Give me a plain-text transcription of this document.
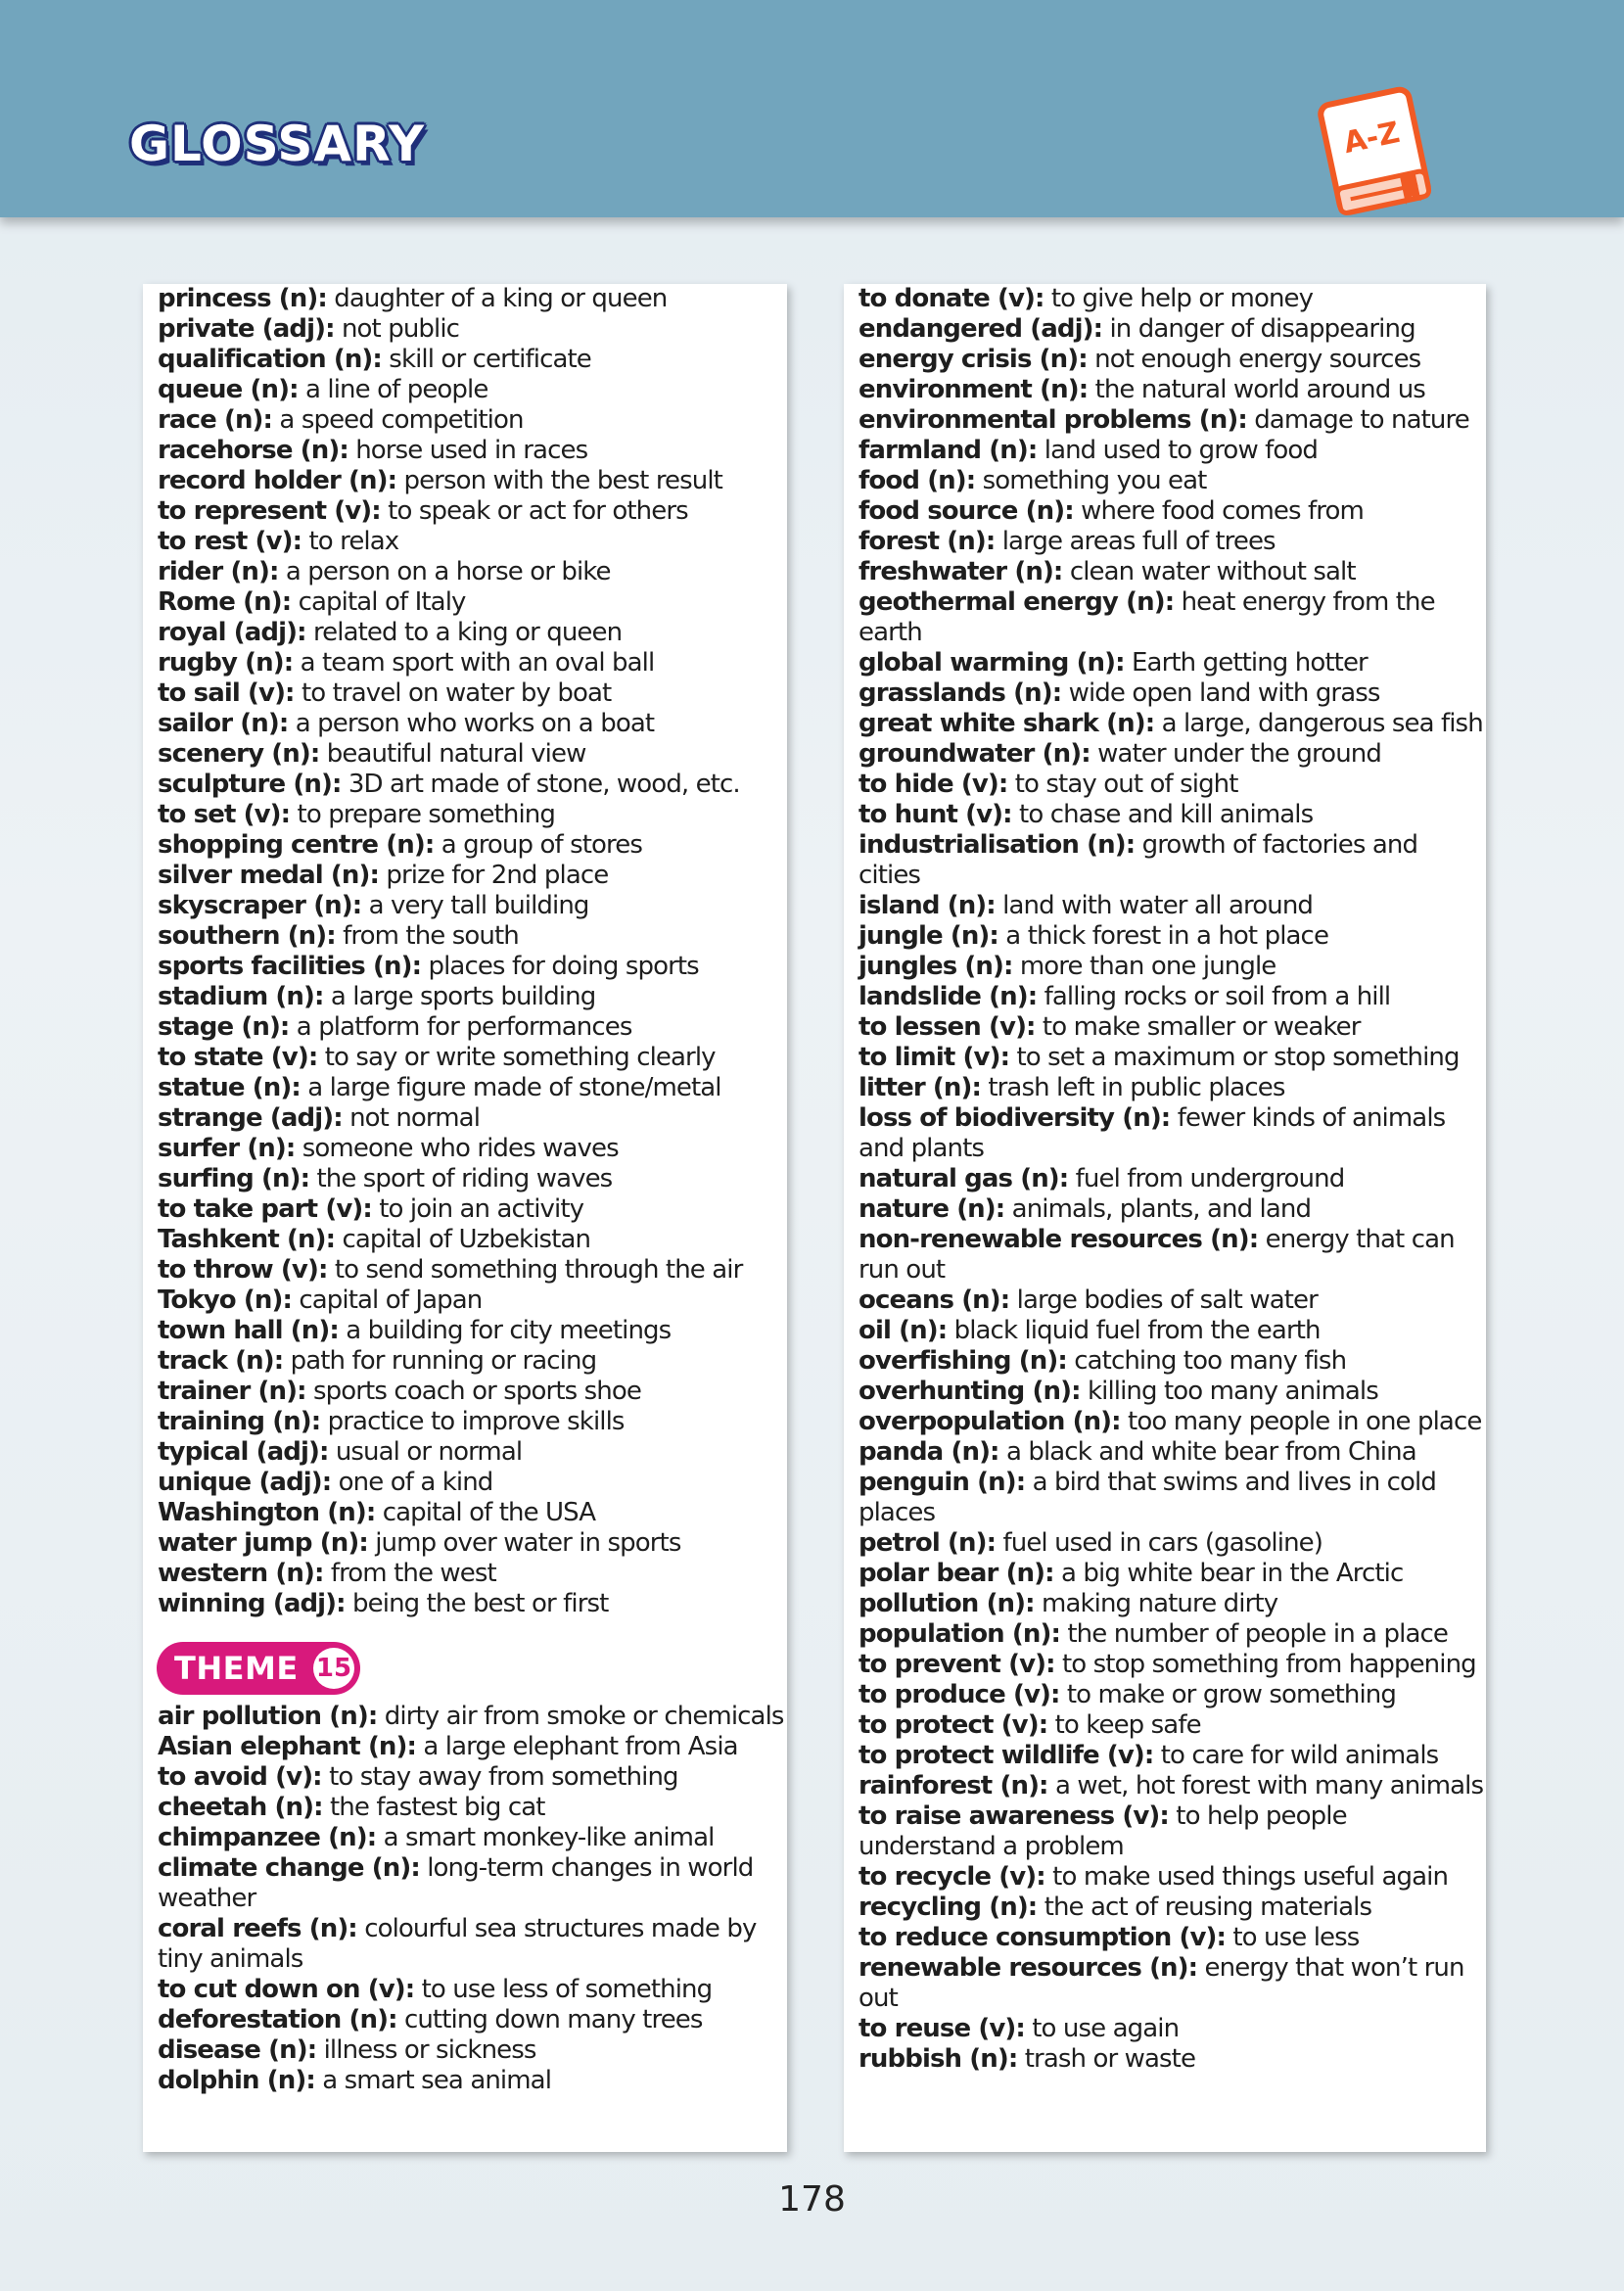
GLOSSARY	A-Z
princess (n): daughter of a king or queen
private (adj): not public
qualification (n): skill or certificate
queue (n): a line of people
race (n): a speed competition
racehorse (n): horse used in races
record holder (n): person with the best result
to represent (v): to speak or act for others
to rest (v): to relax
rider (n): a person on a horse or bike
Rome (n): capital of Italy
royal (adj): related to a king or queen
rugby (n): a team sport with an oval ball
to sail (v): to travel on water by boat
sailor (n): a person who works on a boat
scenery (n): beautiful natural view
sculpture (n): 3D art made of stone, wood, etc.
to set (v): to prepare something
shopping centre (n): a group of stores
silver medal (n): prize for 2nd place
skyscraper (n): a very tall building
southern (n): from the south
sports facilities (n): places for doing sports
stadium (n): a large sports building
stage (n): a platform for performances
to state (v): to say or write something clearly
statue (n): a large figure made of stone/metal
strange (adj): not normal
surfer (n): someone who rides waves
surfing (n): the sport of riding waves
to take part (v): to join an activity
Tashkent (n): capital of Uzbekistan
to throw (v): to send something through the air
Tokyo (n): capital of Japan
town hall (n): a building for city meetings
track (n): path for running or racing
trainer (n): sports coach or sports shoe
training (n): practice to improve skills
typical (adj): usual or normal
unique (adj): one of a kind
Washington (n): capital of the USA
water jump (n): jump over water in sports
western (n): from the west
winning (adj): being the best or first
THEME 15
air pollution (n): dirty air from smoke or chemicals
Asian elephant (n): a large elephant from Asia
to avoid (v): to stay away from something
cheetah (n): the fastest big cat
chimpanzee (n): a smart monkey-like animal
climate change (n): long-term changes in world weather
coral reefs (n): colourful sea structures made by tiny animals
to cut down on (v): to use less of something
deforestation (n): cutting down many trees
disease (n): illness or sickness
dolphin (n): a smart sea animal
to donate (v): to give help or money
endangered (adj): in danger of disappearing
energy crisis (n): not enough energy sources
environment (n): the natural world around us
environmental problems (n): damage to nature
farmland (n): land used to grow food
food (n): something you eat
food source (n): where food comes from
forest (n): large areas full of trees
freshwater (n): clean water without salt
geothermal energy (n): heat energy from the earth
global warming (n): Earth getting hotter
grasslands (n): wide open land with grass
great white shark (n): a large, dangerous sea fish
groundwater (n): water under the ground
to hide (v): to stay out of sight
to hunt (v): to chase and kill animals
industrialisation (n): growth of factories and cities
island (n): land with water all around
jungle (n): a thick forest in a hot place
jungles (n): more than one jungle
landslide (n): falling rocks or soil from a hill
to lessen (v): to make smaller or weaker
to limit (v): to set a maximum or stop something
litter (n): trash left in public places
loss of biodiversity (n): fewer kinds of animals and plants
natural gas (n): fuel from underground
nature (n): animals, plants, and land
non-renewable resources (n): energy that can run out
oceans (n): large bodies of salt water
oil (n): black liquid fuel from the earth
overfishing (n): catching too many fish
overhunting (n): killing too many animals
overpopulation (n): too many people in one place
panda (n): a black and white bear from China
penguin (n): a bird that swims and lives in cold places
petrol (n): fuel used in cars (gasoline)
polar bear (n): a big white bear in the Arctic
pollution (n): making nature dirty
population (n): the number of people in a place
to prevent (v): to stop something from happening
to produce (v): to make or grow something
to protect (v): to keep safe
to protect wildlife (v): to care for wild animals
rainforest (n): a wet, hot forest with many animals
to raise awareness (v): to help people understand a problem
to recycle (v): to make used things useful again
recycling (n): the act of reusing materials
to reduce consumption (v): to use less
renewable resources (n): energy that won’t run out
to reuse (v): to use again
rubbish (n): trash or waste
178
